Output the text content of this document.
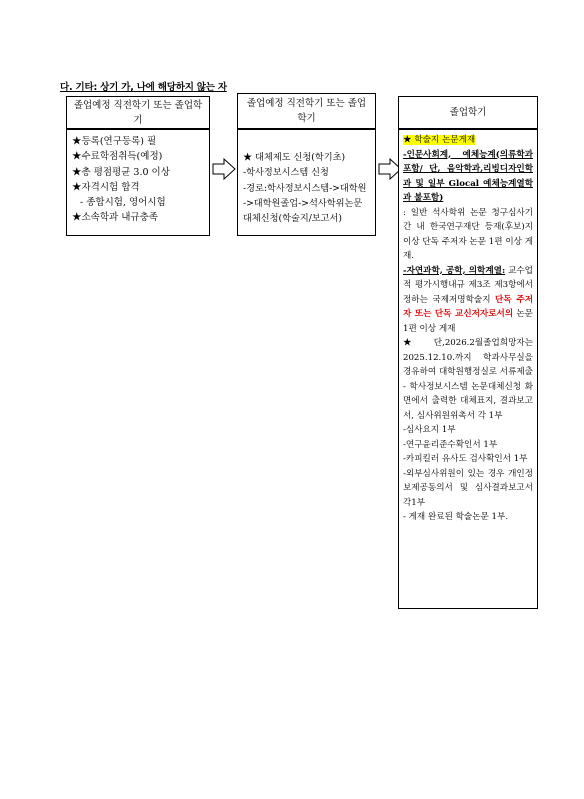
다. 기타: 상기 가, 나에 해당하지 않는 자
졸업예정 직전학기 또는 졸업학기
★등록(연구등록) 필
★수료학점취득(예정)
★총 평점평균 3.0 이상
★자격시험 합격
- 종합시험, 영어시험
★소속학과 내규충족
졸업예정 직전학기 또는 졸업학기
★ 대체제도 신청(학기초)
-학사정보시스템 신청
-경로:학사정보시스템->대학원
->대학원졸업->석사학위논문
대체신청(학술지/보고서)
졸업학기
★ 학술지 논문게재
-인문사회계, 예체능계(의류학과 포함/ 단, 음악학과,리빙디자인학과 및 일부 Glocal 예체능계열학과 불포함)
: 일반 석사학위 논문 청구심사기간 내 한국연구재단 등재(후보)지 이상 단독 주저자 논문 1편 이상 게재.
-자연과학, 공학, 의학계열: 교수업적 평가시행내규 제3조 제3항에서 정하는 국제저명학술지 단독 주저자 또는 단독 교신저자로서의 논문 1편 이상 게재
★단,2026.2월졸업희망자는 2025.12.10.까지 학과사무실을 경유하여 대학원행정실로 서류제출
- 학사정보시스템 논문대체신청 화면에서 출력한 대체표지, 결과보고서, 심사위원위촉서 각 1부
-심사요지 1부
-연구윤리준수확인서 1부
-카피킬러 유사도 검사확인서 1부
-외부심사위원이 있는 경우 개인정보제공동의서 및 심사결과보고서 각1부
- 게재 완료된 학술논문 1부.
